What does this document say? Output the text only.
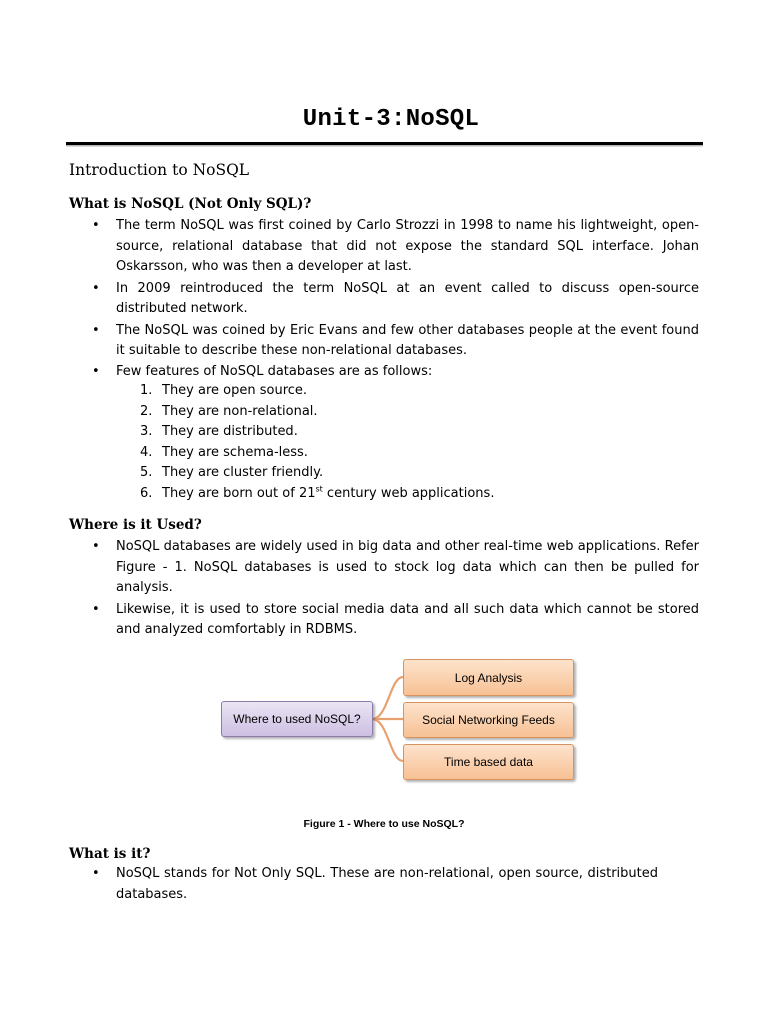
Unit-3:NoSQL
Introduction to NoSQL
What is NoSQL (Not Only SQL)?
• The term NoSQL was first coined by Carlo Strozzi in 1998 to name his lightweight, open-source, relational database that did not expose the standard SQL interface. Johan Oskarsson, who was then a developer at last.
• In 2009 reintroduced the term NoSQL at an event called to discuss open-source distributed network.
• The NoSQL was coined by Eric Evans and few other databases people at the event found it suitable to describe these non-relational databases.
• Few features of NoSQL databases are as follows:
1. They are open source.
2. They are non-relational.
3. They are distributed.
4. They are schema-less.
5. They are cluster friendly.
6. They are born out of 21st century web applications.
Where is it Used?
• NoSQL databases are widely used in big data and other real-time web applications. Refer Figure - 1. NoSQL databases is used to stock log data which can then be pulled for analysis.
• Likewise, it is used to store social media data and all such data which cannot be stored and analyzed comfortably in RDBMS.
Where to used NoSQL?
Log Analysis
Social Networking Feeds
Time based data
Figure 1 - Where to use NoSQL?
What is it?
• NoSQL stands for Not Only SQL. These are non-relational, open source, distributed databases.
